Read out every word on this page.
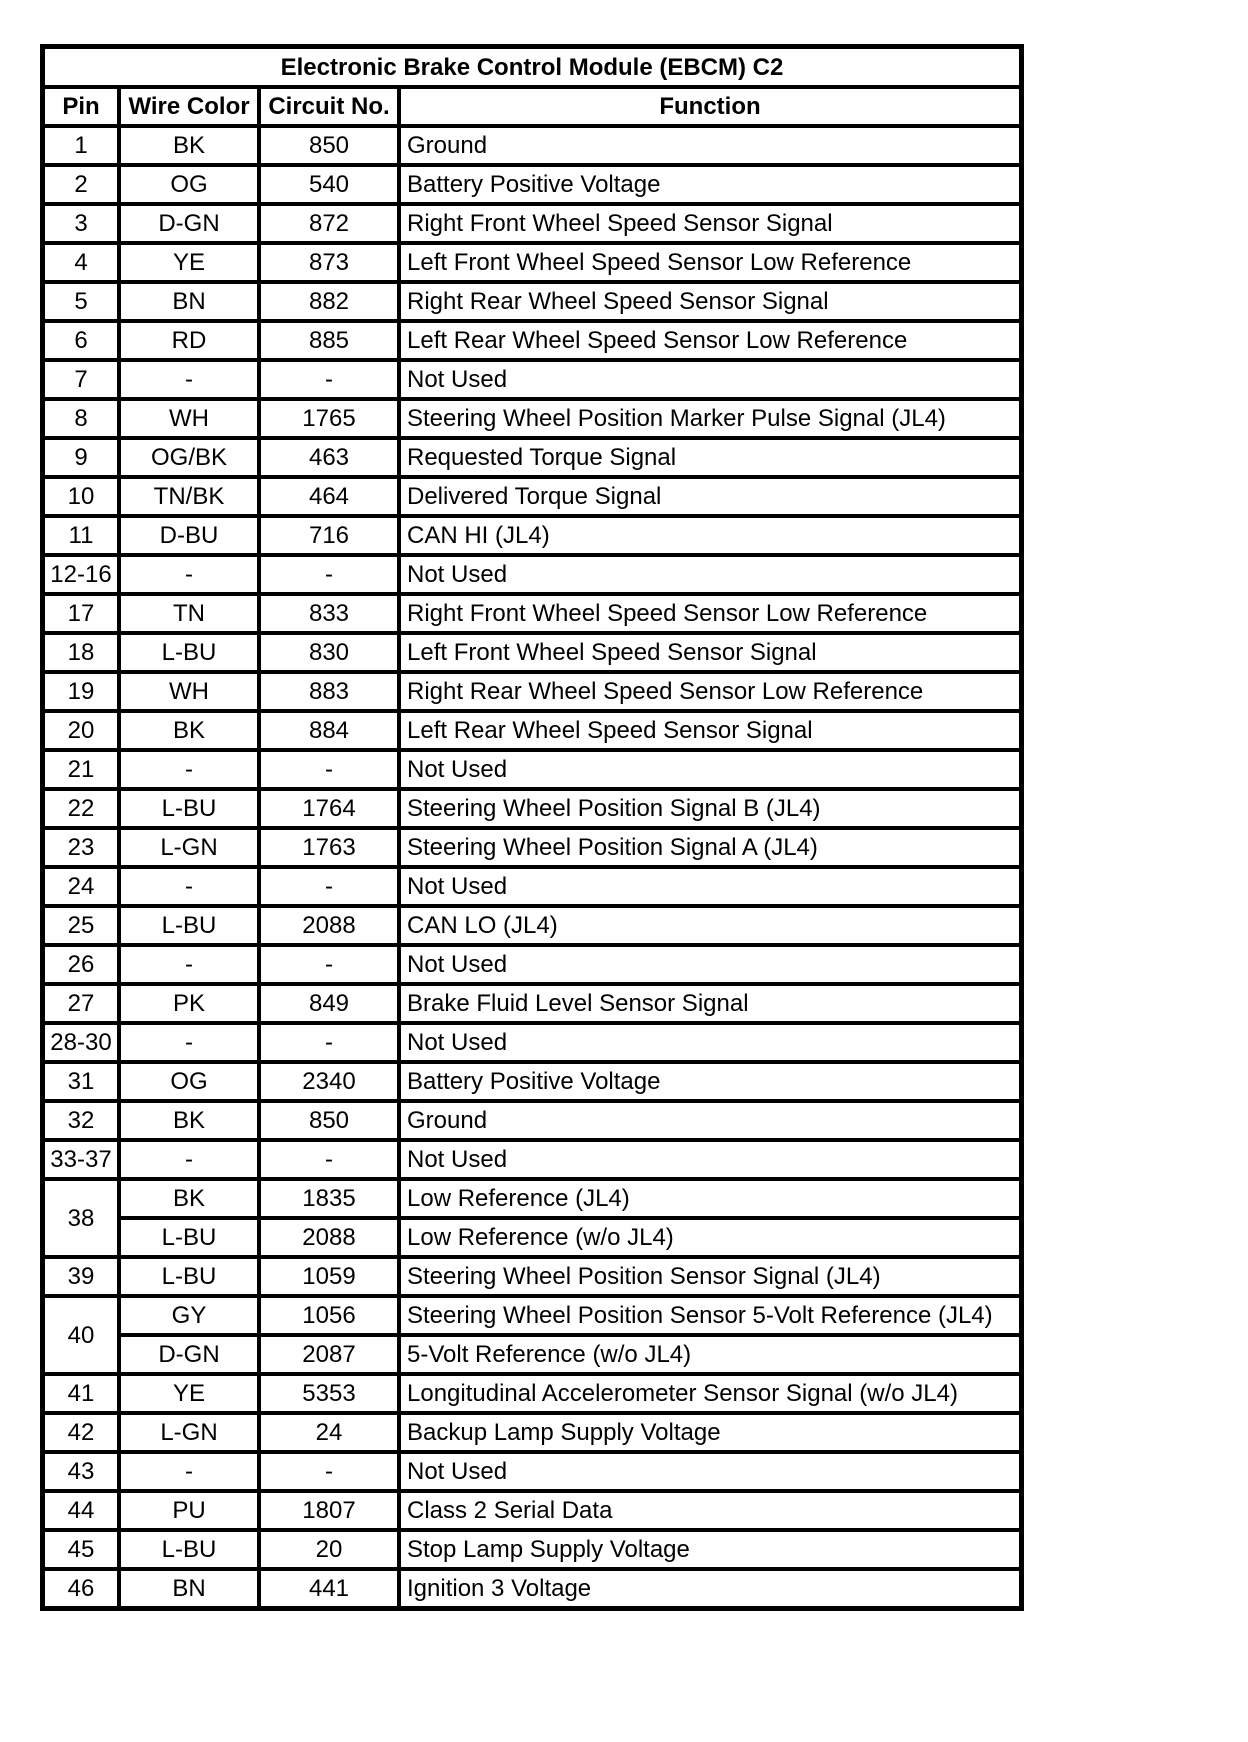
Electronic Brake Control Module (EBCM) C2			
Pin	Wire Color	Circuit No.	Function
1	BK	850	Ground
2	OG	540	Battery Positive Voltage
3	D-GN	872	Right Front Wheel Speed Sensor Signal
4	YE	873	Left Front Wheel Speed Sensor Low Reference
5	BN	882	Right Rear Wheel Speed Sensor Signal
6	RD	885	Left Rear Wheel Speed Sensor Low Reference
7	-	-	Not Used
8	WH	1765	Steering Wheel Position Marker Pulse Signal (JL4)
9	OG/BK	463	Requested Torque Signal
10	TN/BK	464	Delivered Torque Signal
11	D-BU	716	CAN HI (JL4)
12-16	-	-	Not Used
17	TN	833	Right Front Wheel Speed Sensor Low Reference
18	L-BU	830	Left Front Wheel Speed Sensor Signal
19	WH	883	Right Rear Wheel Speed Sensor Low Reference
20	BK	884	Left Rear Wheel Speed Sensor Signal
21	-	-	Not Used
22	L-BU	1764	Steering Wheel Position Signal B (JL4)
23	L-GN	1763	Steering Wheel Position Signal A (JL4)
24	-	-	Not Used
25	L-BU	2088	CAN LO (JL4)
26	-	-	Not Used
27	PK	849	Brake Fluid Level Sensor Signal
28-30	-	-	Not Used
31	OG	2340	Battery Positive Voltage
32	BK	850	Ground
33-37	-	-	Not Used
38	BK	1835	Low Reference (JL4)
	L-BU	2088	Low Reference (w/o JL4)
39	L-BU	1059	Steering Wheel Position Sensor Signal (JL4)
40	GY	1056	Steering Wheel Position Sensor 5-Volt Reference (JL4)
	D-GN	2087	5-Volt Reference (w/o JL4)
41	YE	5353	Longitudinal Accelerometer Sensor Signal (w/o JL4)
42	L-GN	24	Backup Lamp Supply Voltage
43	-	-	Not Used
44	PU	1807	Class 2 Serial Data
45	L-BU	20	Stop Lamp Supply Voltage
46	BN	441	Ignition 3 Voltage
